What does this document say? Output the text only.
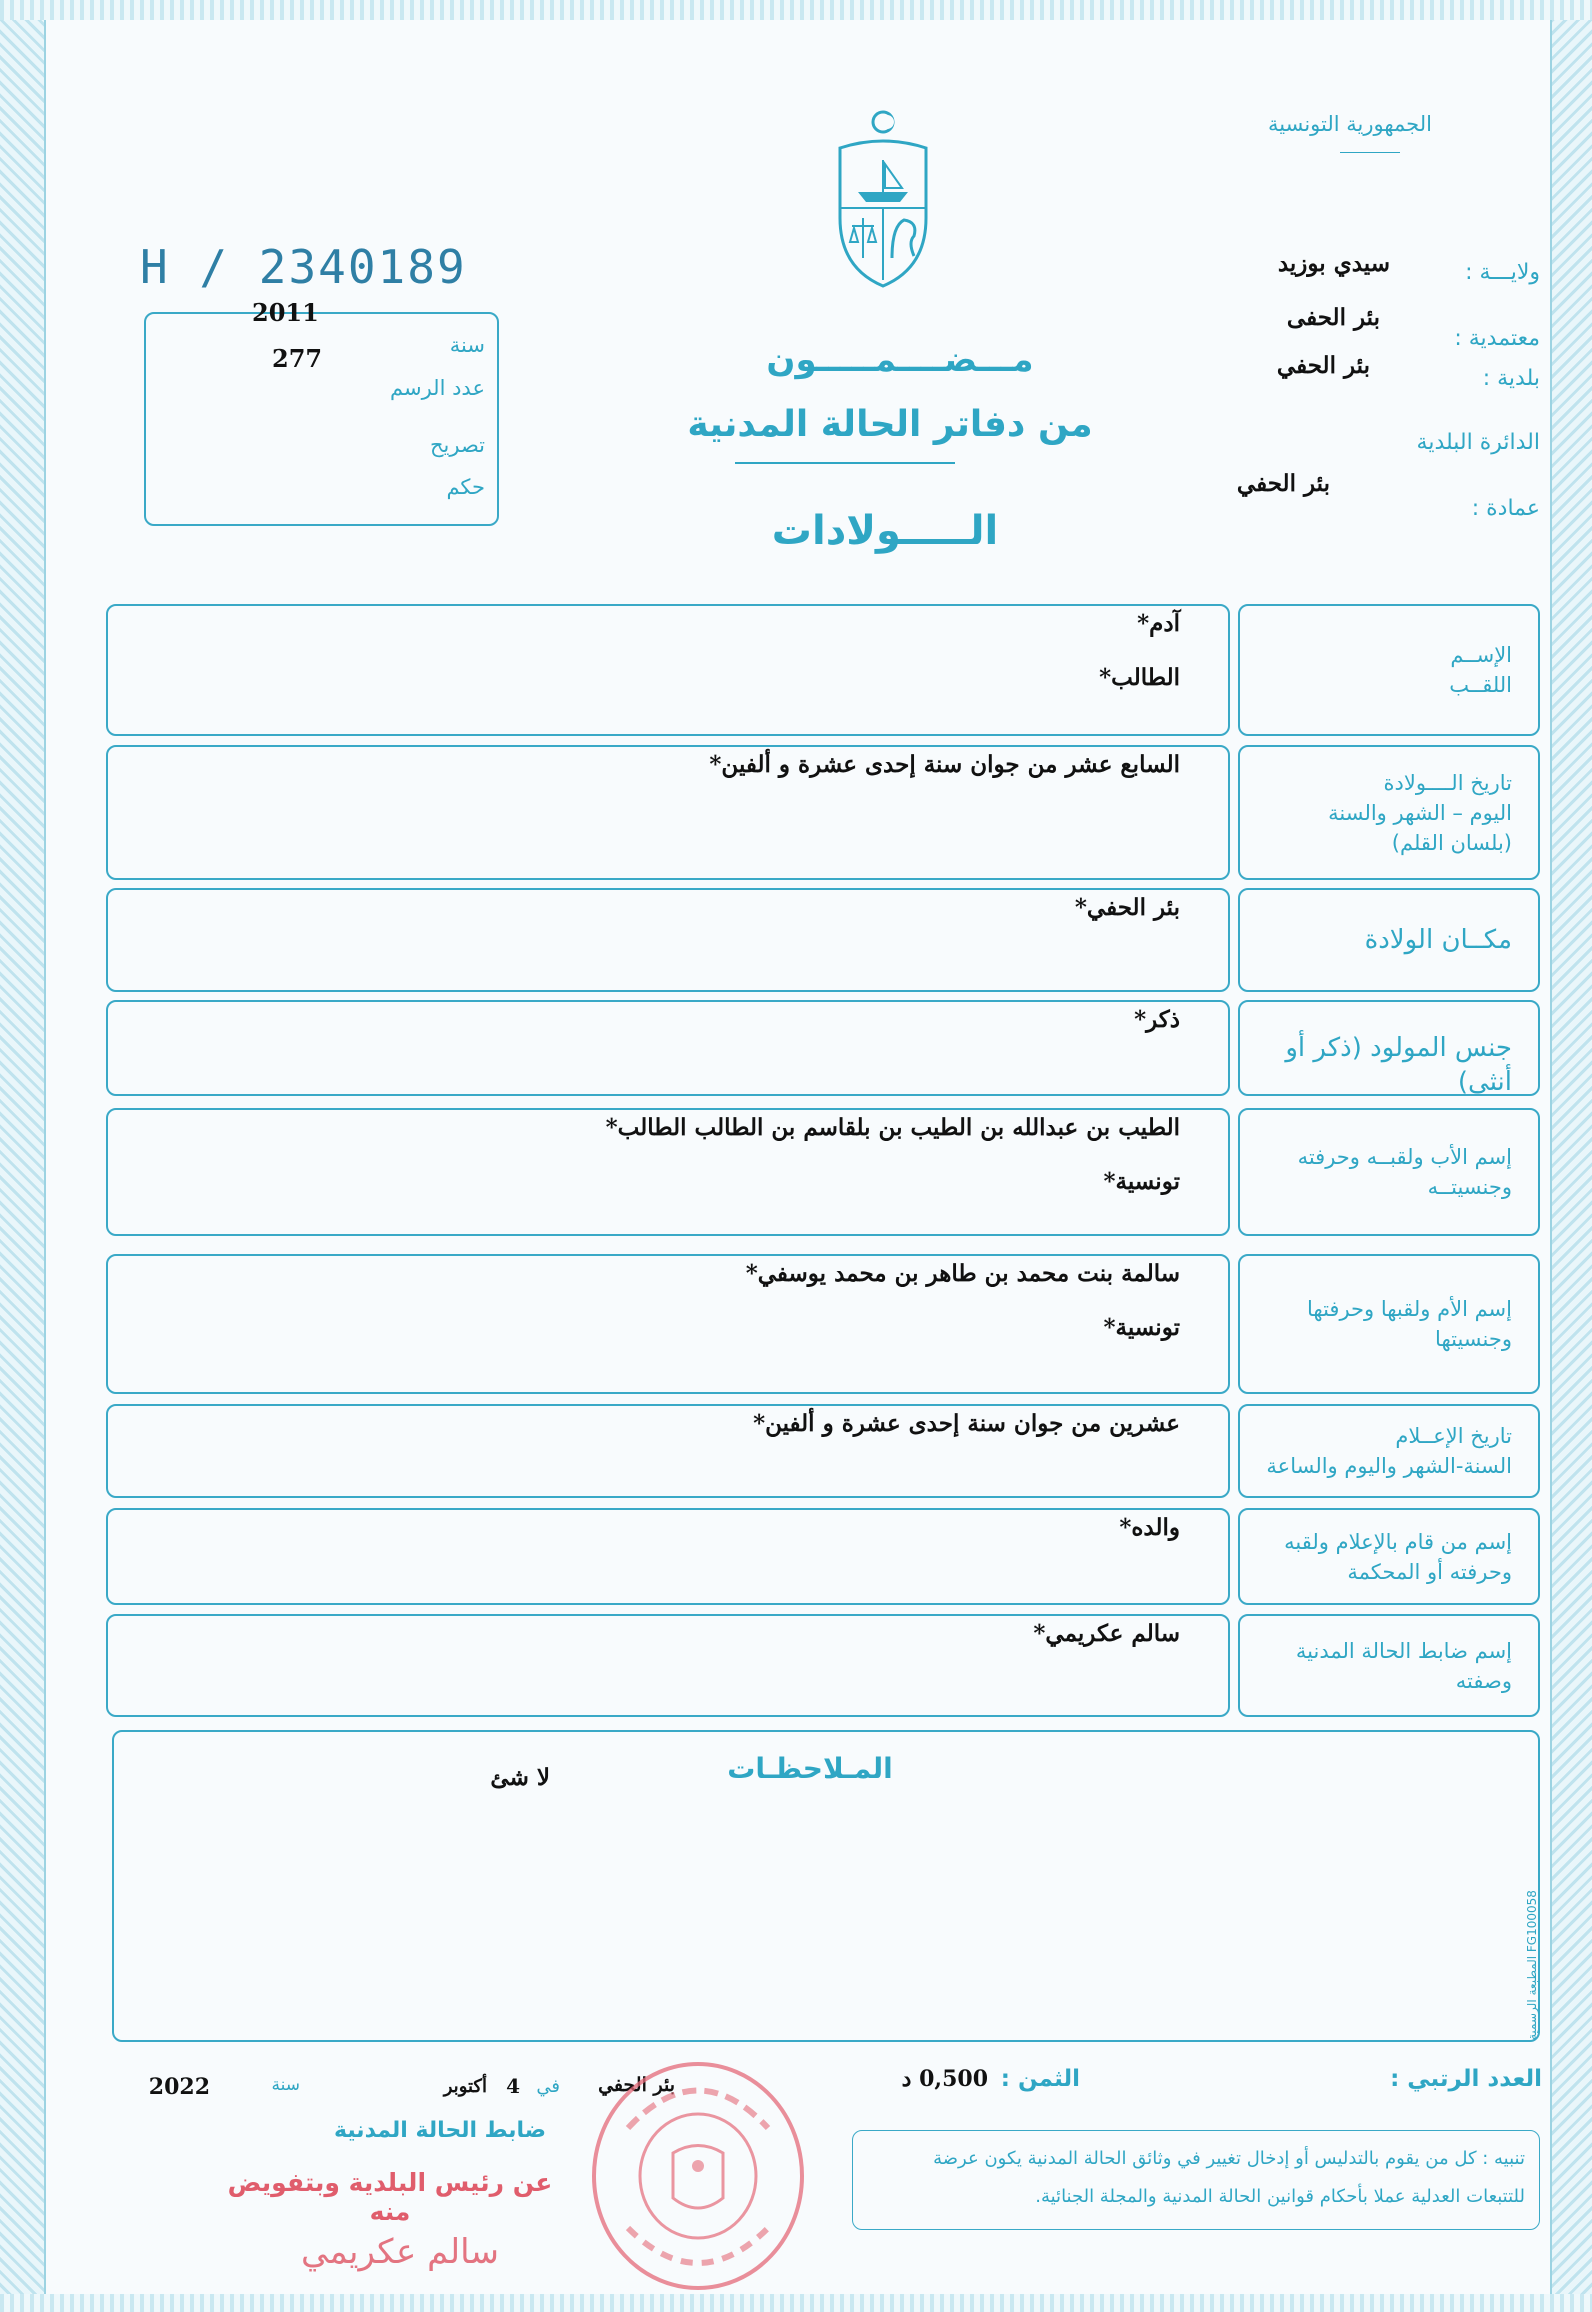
الجمهورية التونسية
H / 2340189
2011
277	سنة
عدد الرسم
تصريح
حكم
ولايـــة :
سيدي بوزيد
معتمدية :
بئر الحفى
بلدية :
بئر الحفي
الدائرة البلدية
عمادة :
بئر الحفي
مـــضــــمـــــون
من دفاتر الحالة المدنية
الـــــولادات
الإســم
اللقــب
آدم*
الطالب*
تاريخ الــــولادة
اليوم – الشهر والسنة
(بلسان القلم)
السابع عشر من جوان سنة إحدى عشرة و ألفين*
مكــان الولادة
بئر الحفي*
جنس المولود (ذكر أو أنثى)
ذكر*
إسم الأب ولقبــه وحرفته
وجنسيتــه
الطيب بن عبدالله بن الطيب بن بلقاسم بن الطالب الطالب*
تونسية*
إسم الأم ولقبها وحرفتها
وجنسيتها
سالمة بنت محمد بن طاهر بن محمد يوسفي*
تونسية*
تاريخ الإعــلام
السنة-الشهر واليوم والساعة
عشرين من جوان سنة إحدى عشرة و ألفين*
إسم من قام بالإعلام ولقبه
وحرفته أو المحكمة
والده*
إسم ضابط الحالة المدنية
وصفته
سالم عكريمي*
المـلاحظـات
لا شئ
المطبعة الرسمية FG100058
العدد الرتبي :
الثمن :
0,500 د
بئر الحفي
في
4
أكتوبر
سنة
2022
ضابط الحالة المدنية
عن رئيس البلدية وبتفويض منه
سالم عكريمي
تنبيه : كل من يقوم بالتدليس أو إدخال تغيير في وثائق الحالة المدنية يكون عرضة للتتبعات العدلية عملا بأحكام قوانين الحالة المدنية والمجلة الجنائية.
